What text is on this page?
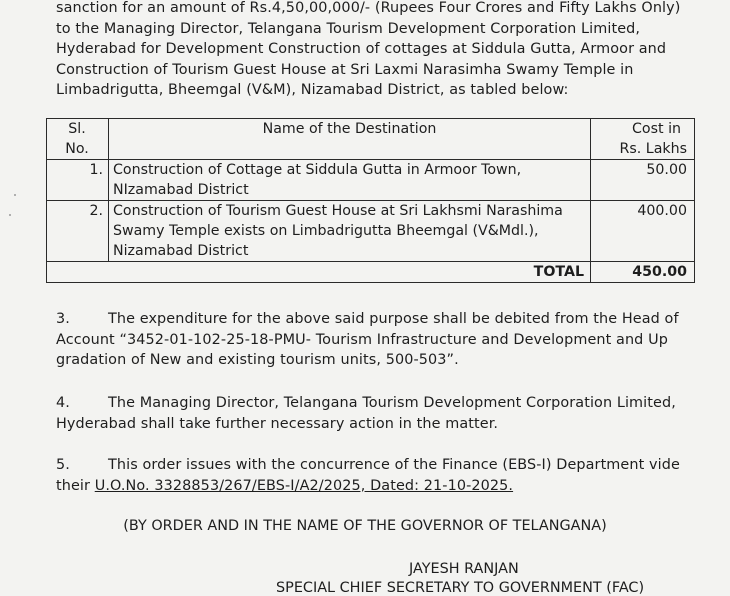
sanction for an amount of Rs.4,50,00,000/- (Rupees Four Crores and Fifty Lakhs Only)

to the Managing Director, Telangana Tourism Development Corporation Limited,

Hyderabad for Development Construction of cottages at Siddula Gutta, Armoor and

Construction of Tourism Guest House at Sri Laxmi Narasimha Swamy Temple in

Limbadrigutta, Bheemgal (V&M), Nizamabad District, as tabled below:

Sl.
No.	Name of the Destination	Cost in
Rs. Lakhs
1.	Construction of Cottage at Siddula Gutta in Armoor Town,
NIzamabad District	50.00
2.	Construction of Tourism Guest House at Sri Lakhsmi Narashima
Swamy Temple exists on Limbadrigutta Bheemgal (V&Mdl.),
Nizamabad District	400.00
TOTAL		450.00

3.	The expenditure for the above said purpose shall be debited from the Head of

Account “3452-01-102-25-18-PMU- Tourism Infrastructure and Development and Up

gradation of New and existing tourism units, 500-503”.

4.	The Managing Director, Telangana Tourism Development Corporation Limited,

Hyderabad shall take further necessary action in the matter.

5.	This order issues with the concurrence of the Finance (EBS-I) Department vide

their U.O.No. 3328853/267/EBS-I/A2/2025, Dated: 21-10-2025.

(BY ORDER AND IN THE NAME OF THE GOVERNOR OF TELANGANA)
JAYESH RANJAN
SPECIAL CHIEF SECRETARY TO GOVERNMENT (FAC)
